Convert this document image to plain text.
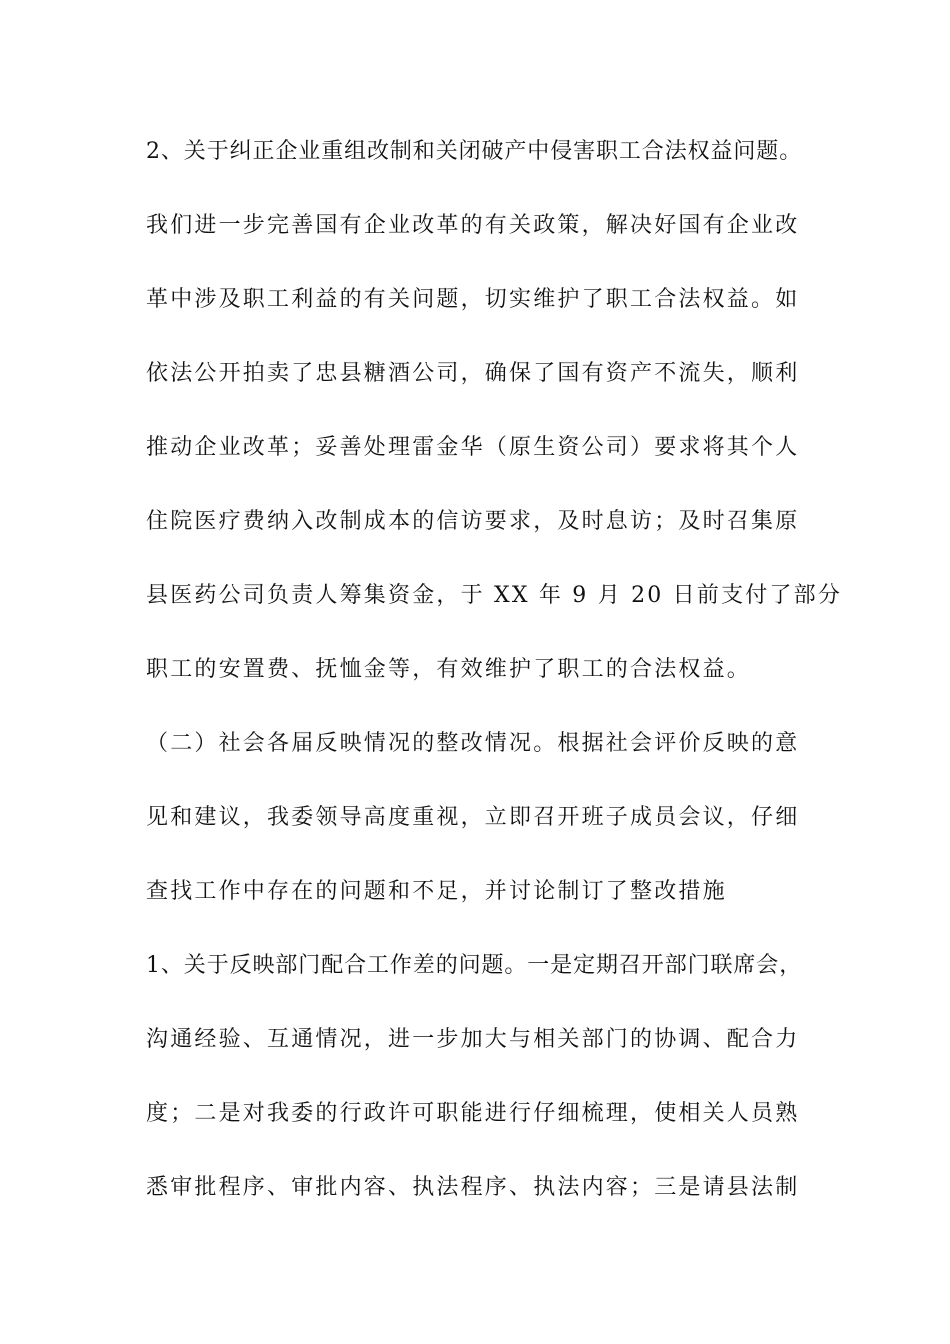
2、关于纠正企业重组改制和关闭破产中侵害职工合法权益问题。
我们进一步完善国有企业改革的有关政策，解决好国有企业改
革中涉及职工利益的有关问题，切实维护了职工合法权益。如
依法公开拍卖了忠县糖酒公司，确保了国有资产不流失，顺利
推动企业改革；妥善处理雷金华（原生资公司）要求将其个人
住院医疗费纳入改制成本的信访要求，及时息访；及时召集原
县医药公司负责人筹集资金，于 XX 年 9 月 20 日前支付了部分
职工的安置费、抚恤金等，有效维护了职工的合法权益。
（二）社会各届反映情况的整改情况。根据社会评价反映的意
见和建议，我委领导高度重视，立即召开班子成员会议，仔细
查找工作中存在的问题和不足，并讨论制订了整改措施
1、关于反映部门配合工作差的问题。一是定期召开部门联席会，
沟通经验、互通情况，进一步加大与相关部门的协调、配合力
度；二是对我委的行政许可职能进行仔细梳理，使相关人员熟
悉审批程序、审批内容、执法程序、执法内容；三是请县法制
